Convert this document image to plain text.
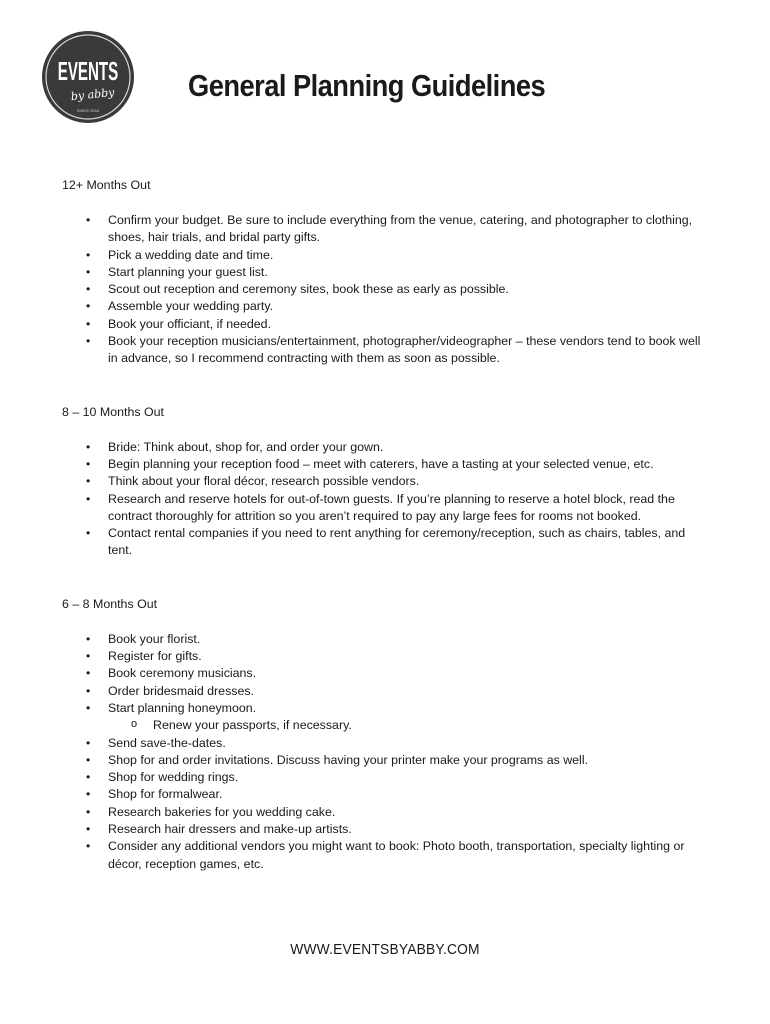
EVENTS
by abby
SINCE 2004
General Planning Guidelines

12+ Months Out

• Confirm your budget. Be sure to include everything from the venue, catering, and photographer to clothing, shoes, hair trials, and bridal party gifts.
• Pick a wedding date and time.
• Start planning your guest list.
• Scout out reception and ceremony sites, book these as early as possible.
• Assemble your wedding party.
• Book your officiant, if needed.
• Book your reception musicians/entertainment, photographer/videographer – these vendors tend to book well in advance, so I recommend contracting with them as soon as possible.

8 – 10 Months Out

• Bride: Think about, shop for, and order your gown.
• Begin planning your reception food – meet with caterers, have a tasting at your selected venue, etc.
• Think about your floral décor, research possible vendors.
• Research and reserve hotels for out-of-town guests. If you’re planning to reserve a hotel block, read the contract thoroughly for attrition so you aren’t required to pay any large fees for rooms not booked.
• Contact rental companies if you need to rent anything for ceremony/reception, such as chairs, tables, and tent.

6 – 8 Months Out

• Book your florist.
• Register for gifts.
• Book ceremony musicians.
• Order bridesmaid dresses.
• Start planning honeymoon.
o Renew your passports, if necessary.
• Send save-the-dates.
• Shop for and order invitations. Discuss having your printer make your programs as well.
• Shop for wedding rings.
• Shop for formalwear.
• Research bakeries for you wedding cake.
• Research hair dressers and make-up artists.
• Consider any additional vendors you might want to book: Photo booth, transportation, specialty lighting or décor, reception games, etc.
WWW.EVENTSBYABBY.COM
